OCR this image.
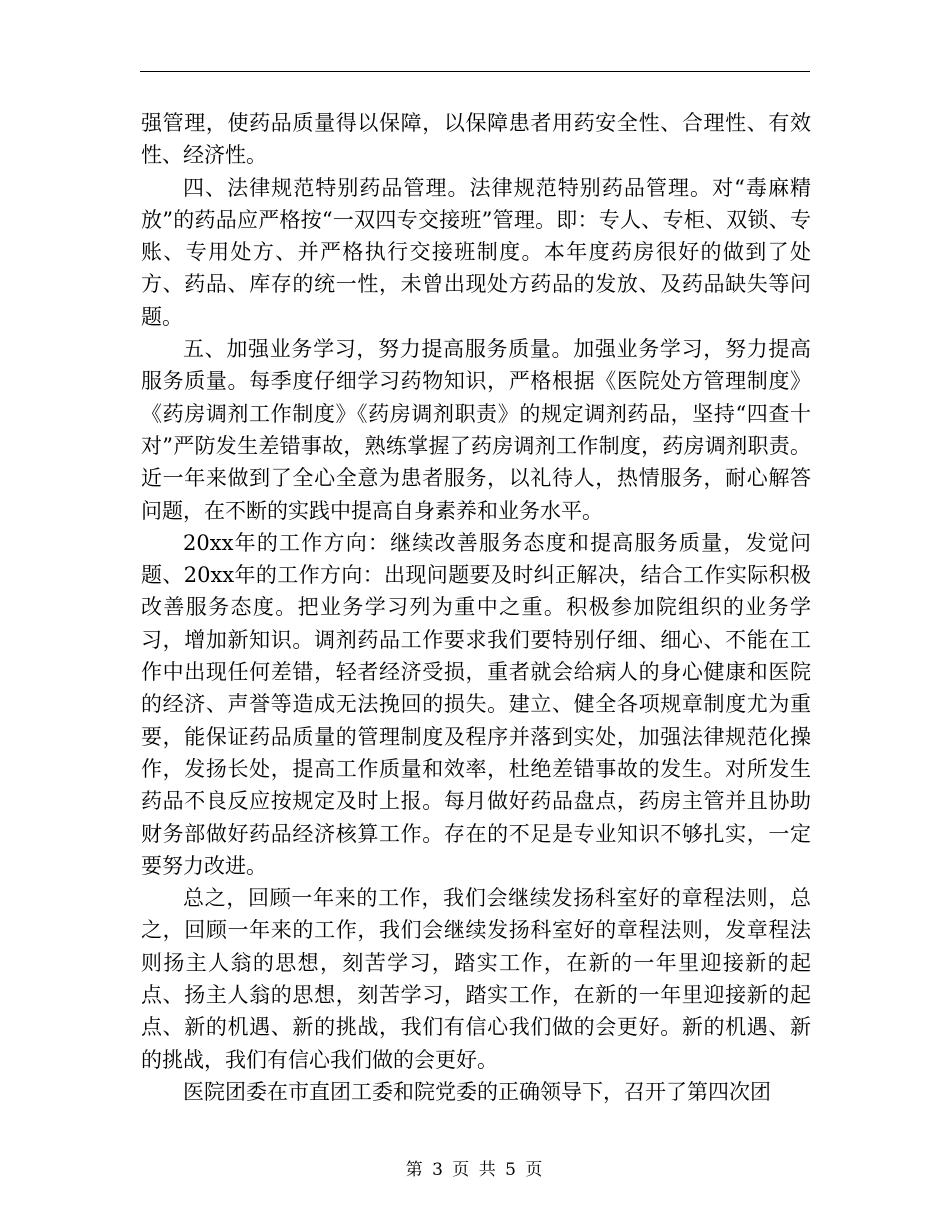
强管理，使药品质量得以保障，以保障患者用药安全性、合理性、有效性、经济性。

四、法律规范特别药品管理。法律规范特别药品管理。对“毒麻精放”的药品应严格按“一双四专交接班”管理。即：专人、专柜、双锁、专账、专用处方、并严格执行交接班制度。本年度药房很好的做到了处方、药品、库存的统一性，未曾出现处方药品的发放、及药品缺失等问题。

五、加强业务学习，努力提高服务质量。加强业务学习，努力提高服务质量。每季度仔细学习药物知识，严格根据《医院处方管理制度》《药房调剂工作制度》《药房调剂职责》的规定调剂药品，坚持“四查十对”严防发生差错事故，熟练掌握了药房调剂工作制度，药房调剂职责。近一年来做到了全心全意为患者服务，以礼待人，热情服务，耐心解答问题，在不断的实践中提高自身素养和业务水平。

20xx年的工作方向：继续改善服务态度和提高服务质量，发觉问题、20xx年的工作方向：出现问题要及时纠正解决，结合工作实际积极改善服务态度。把业务学习列为重中之重。积极参加院组织的业务学习，增加新知识。调剂药品工作要求我们要特别仔细、细心、不能在工作中出现任何差错，轻者经济受损，重者就会给病人的身心健康和医院的经济、声誉等造成无法挽回的损失。建立、健全各项规章制度尤为重要，能保证药品质量的管理制度及程序并落到实处，加强法律规范化操作，发扬长处，提高工作质量和效率，杜绝差错事故的发生。对所发生药品不良反应按规定及时上报。每月做好药品盘点，药房主管并且协助财务部做好药品经济核算工作。存在的不足是专业知识不够扎实，一定要努力改进。

总之，回顾一年来的工作，我们会继续发扬科室好的章程法则，总之，回顾一年来的工作，我们会继续发扬科室好的章程法则，发章程法则扬主人翁的思想，刻苦学习，踏实工作，在新的一年里迎接新的起点、扬主人翁的思想，刻苦学习，踏实工作，在新的一年里迎接新的起点、新的机遇、新的挑战，我们有信心我们做的会更好。新的机遇、新的挑战，我们有信心我们做的会更好。

医院团委在市直团工委和院党委的正确领导下，召开了第四次团

第 3 页 共 5 页
